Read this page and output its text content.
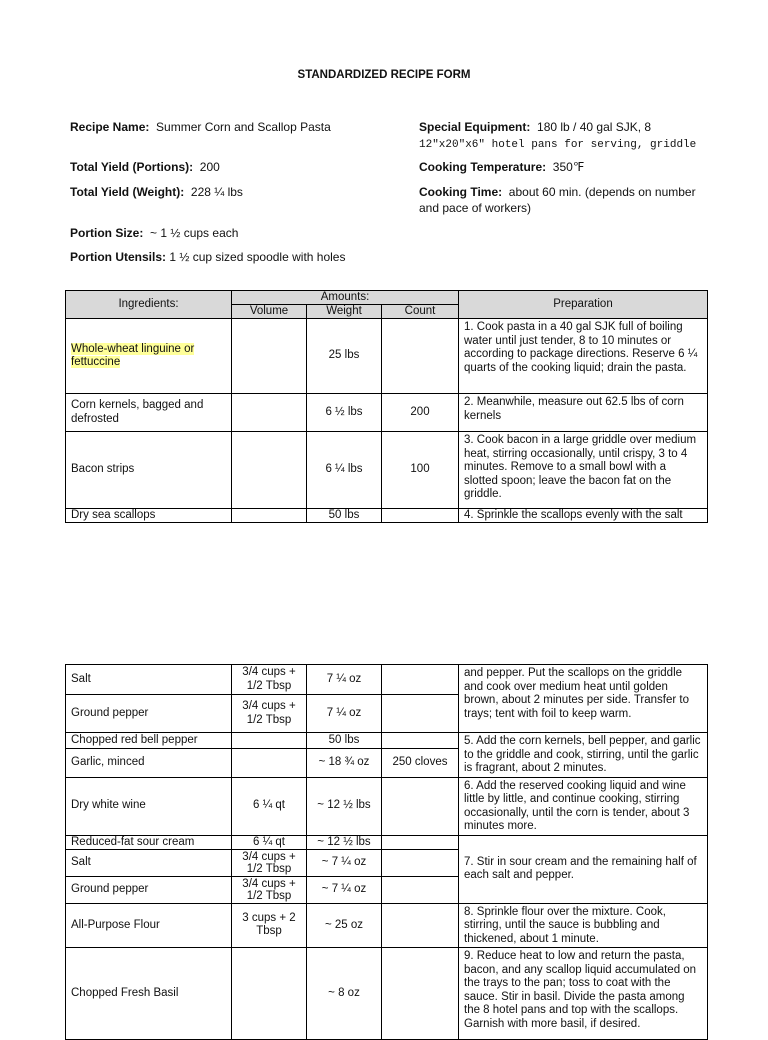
STANDARDIZED RECIPE FORM
Recipe Name: Summer Corn and Scallop Pasta
Total Yield (Portions): 200
Total Yield (Weight): 228 ¼ lbs
Portion Size: ~ 1 ½ cups each
Portion Utensils: 1 ½ cup sized spoodle with holes
Special Equipment: 180 lb / 40 gal SJK, 8
12"x20"x6" hotel pans for serving, griddle
Cooking Temperature: 350℉
Cooking Time: about 60 min. (depends on number
and pace of workers)
Ingredients:	Amounts:			Preparation
	Volume	Weight	Count	
Whole-wheat linguine or fettuccine		25 lbs		1. Cook pasta in a 40 gal SJK full of boiling water until just tender, 8 to 10 minutes or according to package directions. Reserve 6 ¼ quarts of the cooking liquid; drain the pasta.
Corn kernels, bagged and defrosted		6 ½ lbs	200	2. Meanwhile, measure out 62.5 lbs of corn kernels
Bacon strips		6 ¼ lbs	100	3. Cook bacon in a large griddle over medium heat, stirring occasionally, until crispy, 3 to 4 minutes. Remove to a small bowl with a slotted spoon; leave the bacon fat on the griddle.
Dry sea scallops		50 lbs		4. Sprinkle the scallops evenly with the salt
Salt	3/4 cups + 1/2 Tbsp	7 ¼ oz		and pepper. Put the scallops on the griddle and cook over medium heat until golden brown, about 2 minutes per side. Transfer to trays; tent with foil to keep warm.
Ground pepper	3/4 cups + 1/2 Tbsp	7 ¼ oz		
Chopped red bell pepper		50 lbs		5. Add the corn kernels, bell pepper, and garlic to the griddle and cook, stirring, until the garlic is fragrant, about 2 minutes.
Garlic, minced		~ 18 ¾ oz	250 cloves	
Dry white wine	6 ¼ qt	~ 12 ½ lbs		6. Add the reserved cooking liquid and wine little by little, and continue cooking, stirring occasionally, until the corn is tender, about 3 minutes more.
Reduced-fat sour cream	6 ¼ qt	~ 12 ½ lbs		7. Stir in sour cream and the remaining half of each salt and pepper.
Salt	3/4 cups + 1/2 Tbsp	~ 7 ¼ oz		
Ground pepper	3/4 cups + 1/2 Tbsp	~ 7 ¼ oz		
All-Purpose Flour	3 cups + 2 Tbsp	~ 25 oz		8. Sprinkle flour over the mixture. Cook, stirring, until the sauce is bubbling and thickened, about 1 minute.
Chopped Fresh Basil		~ 8 oz		9. Reduce heat to low and return the pasta, bacon, and any scallop liquid accumulated on the trays to the pan; toss to coat with the sauce. Stir in basil. Divide the pasta among the 8 hotel pans and top with the scallops. Garnish with more basil, if desired.
